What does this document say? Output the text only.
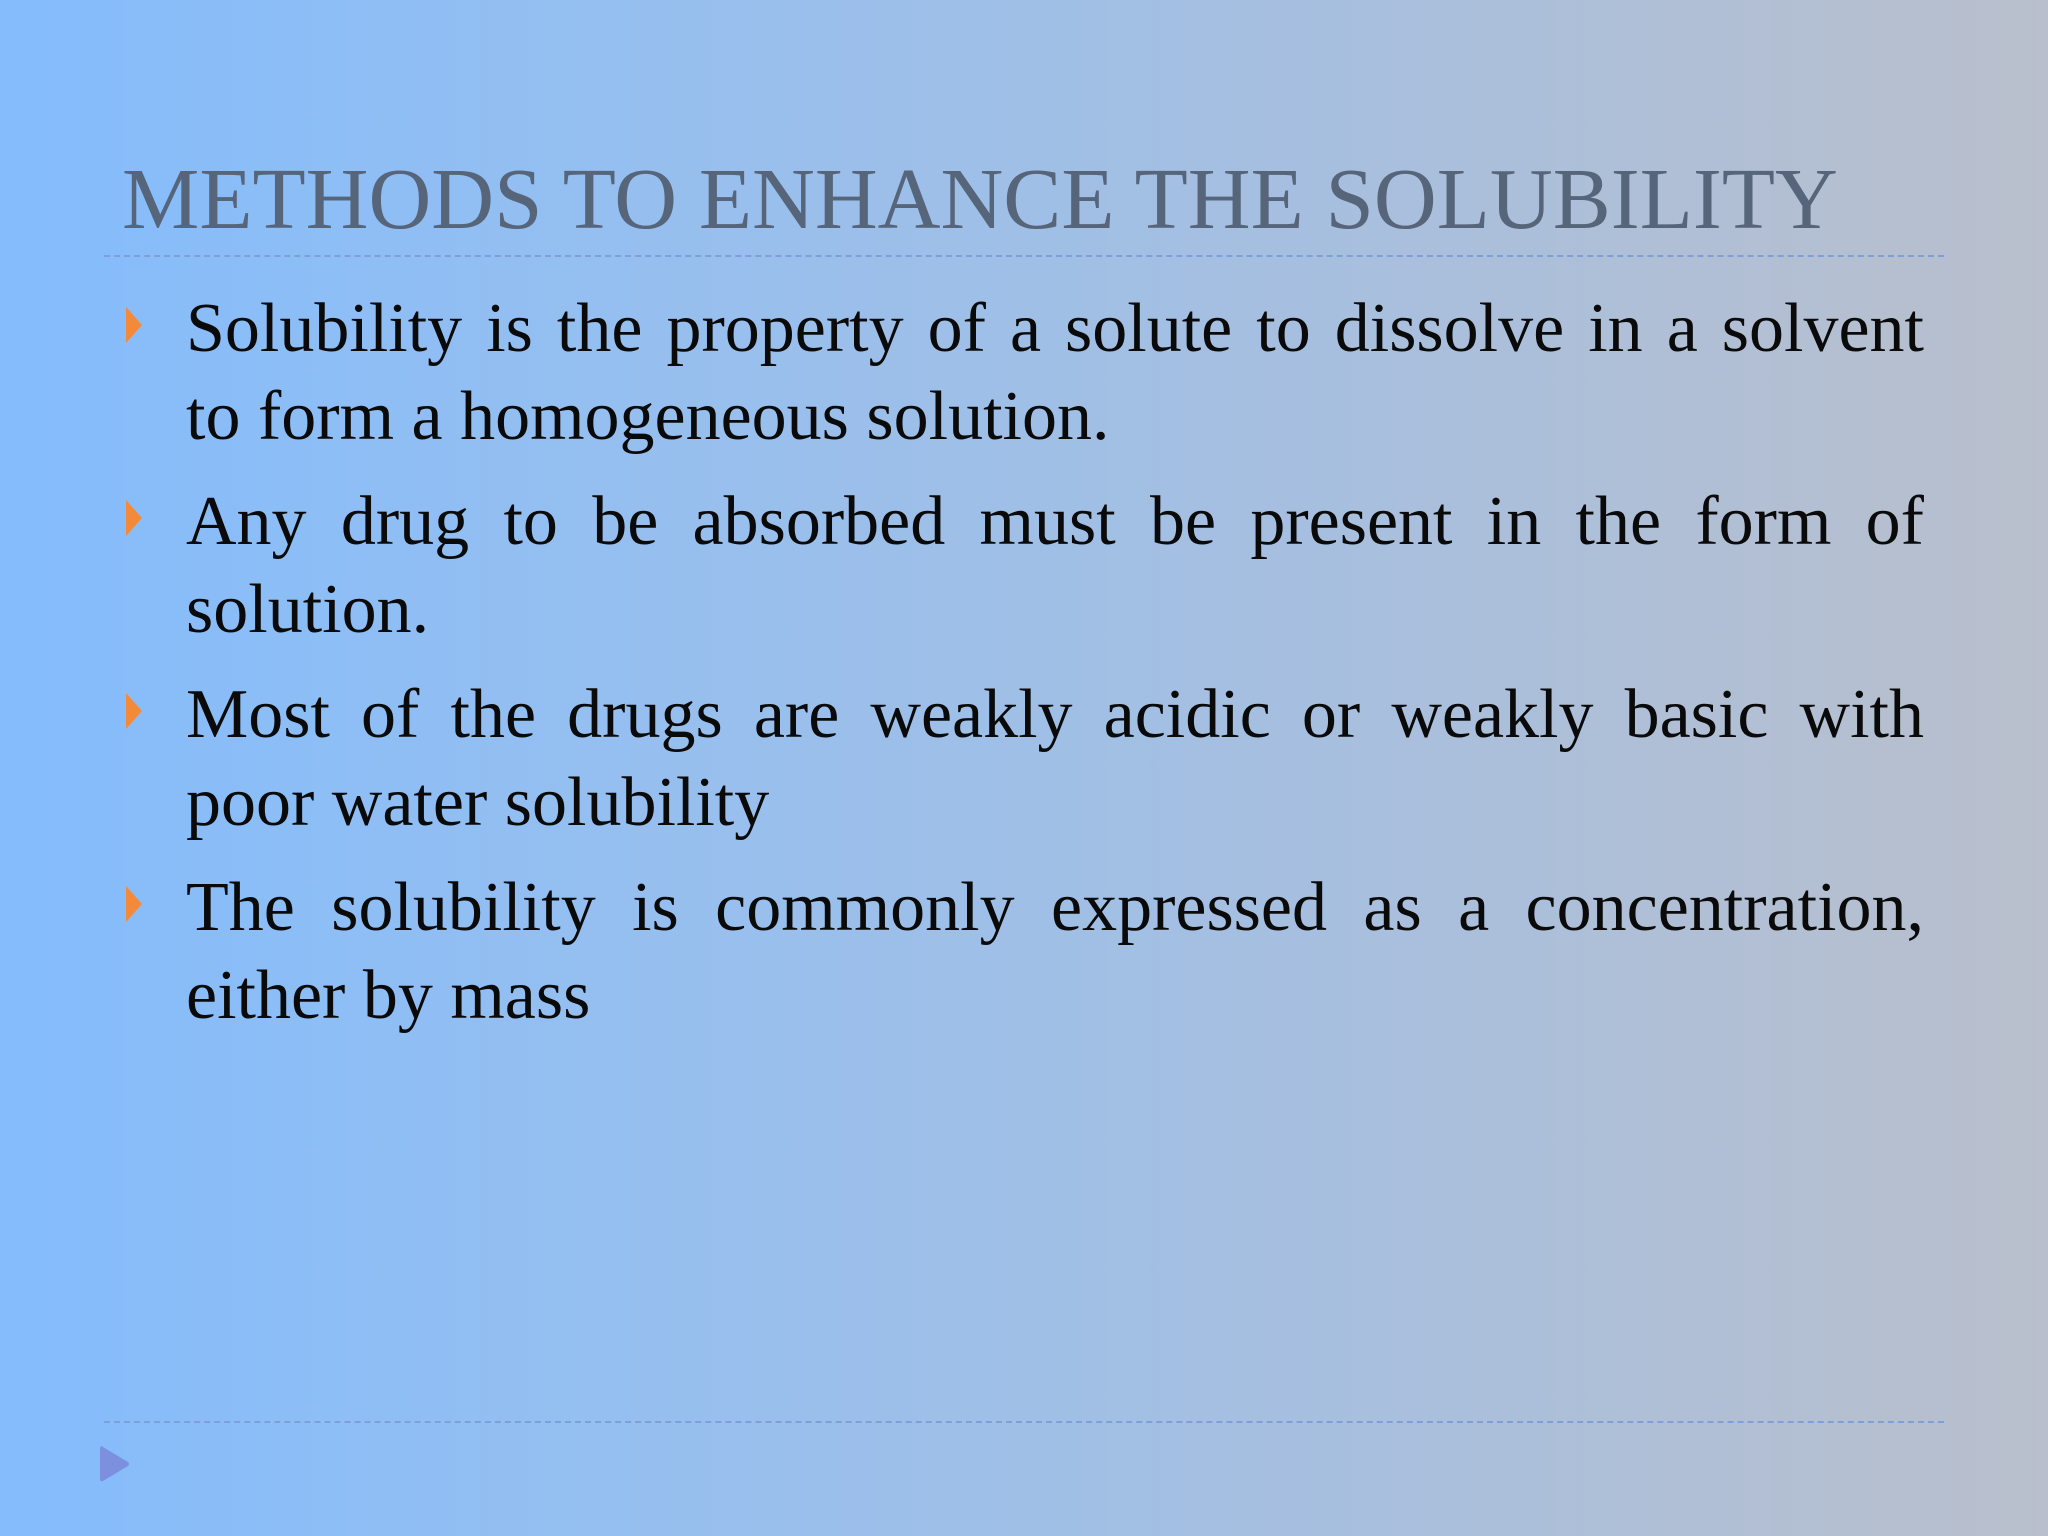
METHODS TO ENHANCE THE SOLUBILITY
Solubility is the property of a solute to dissolve in a solvent to form a homogeneous solution.
Any drug to be absorbed must be present in the form of solution.
Most of the drugs are weakly acidic or weakly basic with poor water solubility
The solubility is commonly expressed as a concentration, either by mass
